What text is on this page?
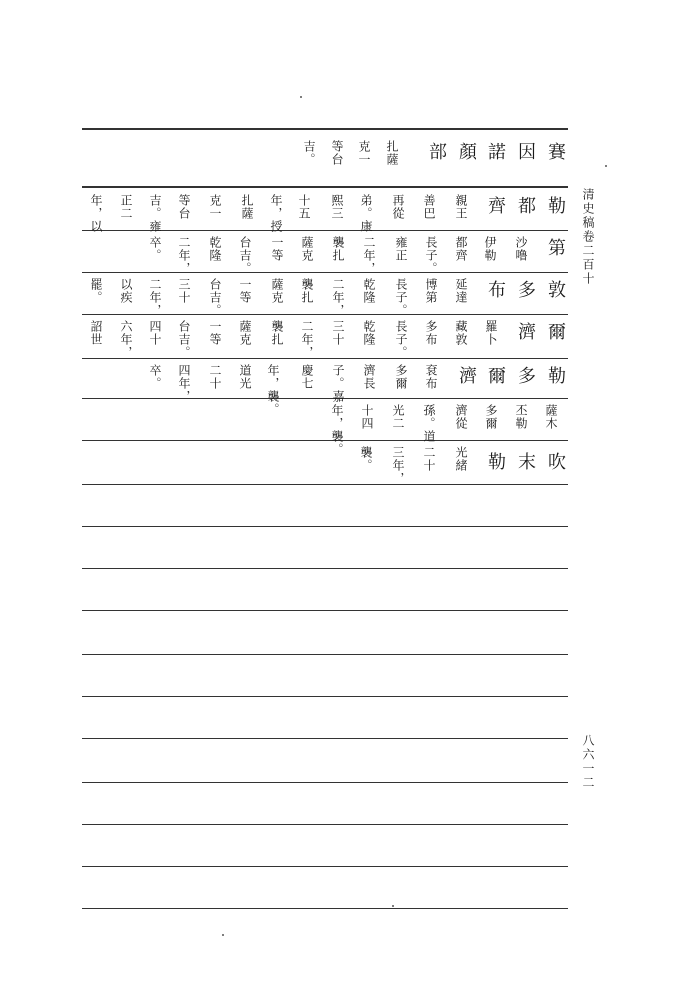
清史稿卷二百十
八六一二
賽
因
諾
顏
部
扎薩
克一
等台
吉。
勒
都
齊
親王
善巴
再從
弟。康
熙三
十五
年，授
扎薩
克一
等台
吉。雍
正二
年，以
第
沙噜
伊勒
都齊
長子。
雍正
二年，
襲扎
薩克
一等
台吉。
乾隆
二年，
卒。
敦
多
布
延達
博第
長子。
乾隆
二年，
襲扎
薩克
一等
台吉。
三十
二年，
以疾
罷。
爾
濟
羅卜
藏敦
多布
長子。
乾隆
三十
二年，
襲扎
薩克
一等
台吉。
四十
六年，
詔世
勒
多
爾
濟
袞布
多爾
濟長
子。嘉
慶七
年，襲。
道光
二十
四年，
卒。
薩木
丕勒
多爾
濟從
孫。道
光二
十四
年，襲。
吹
末
勒
光緒
二十
三年，
襲。
